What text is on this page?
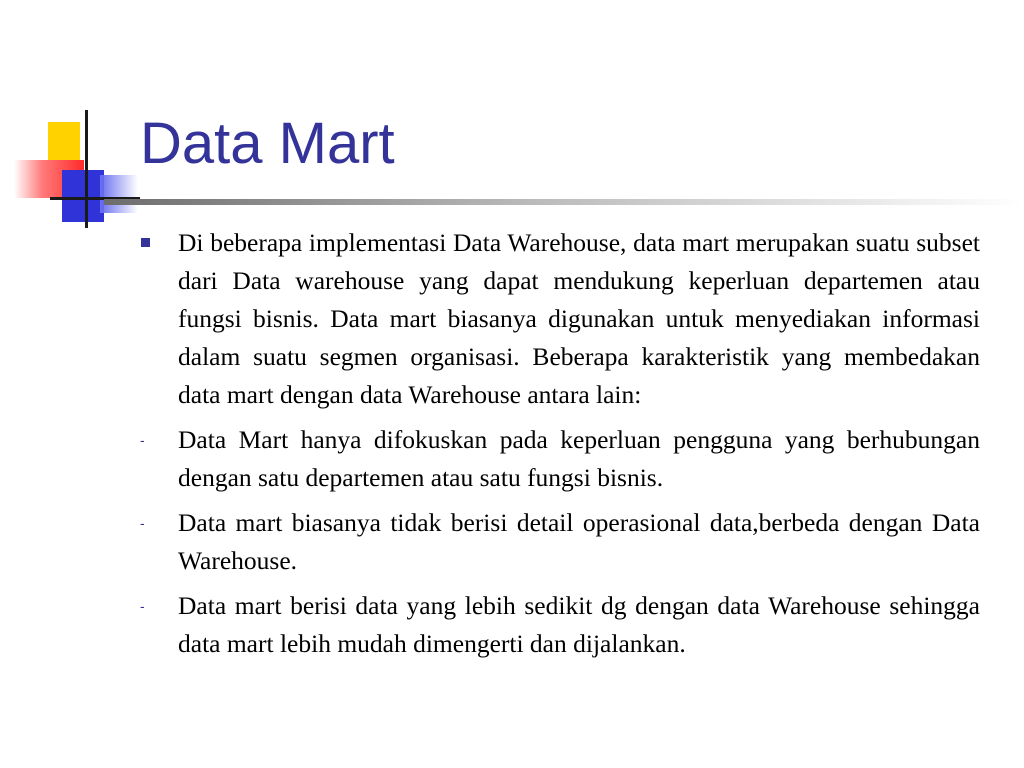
Data Mart
Di beberapa implementasi Data Warehouse, data mart merupakan suatu subset dari Data warehouse yang dapat mendukung keperluan departemen atau fungsi bisnis. Data mart biasanya digunakan untuk menyediakan informasi dalam suatu segmen organisasi. Beberapa karakteristik yang membedakan data mart dengan data Warehouse antara lain:
- Data Mart hanya difokuskan pada keperluan pengguna yang berhubungan dengan satu departemen atau satu fungsi bisnis.
- Data mart biasanya tidak berisi detail operasional data,berbeda dengan Data Warehouse.
- Data mart berisi data yang lebih sedikit dg dengan data Warehouse sehingga data mart lebih mudah dimengerti dan dijalankan.
